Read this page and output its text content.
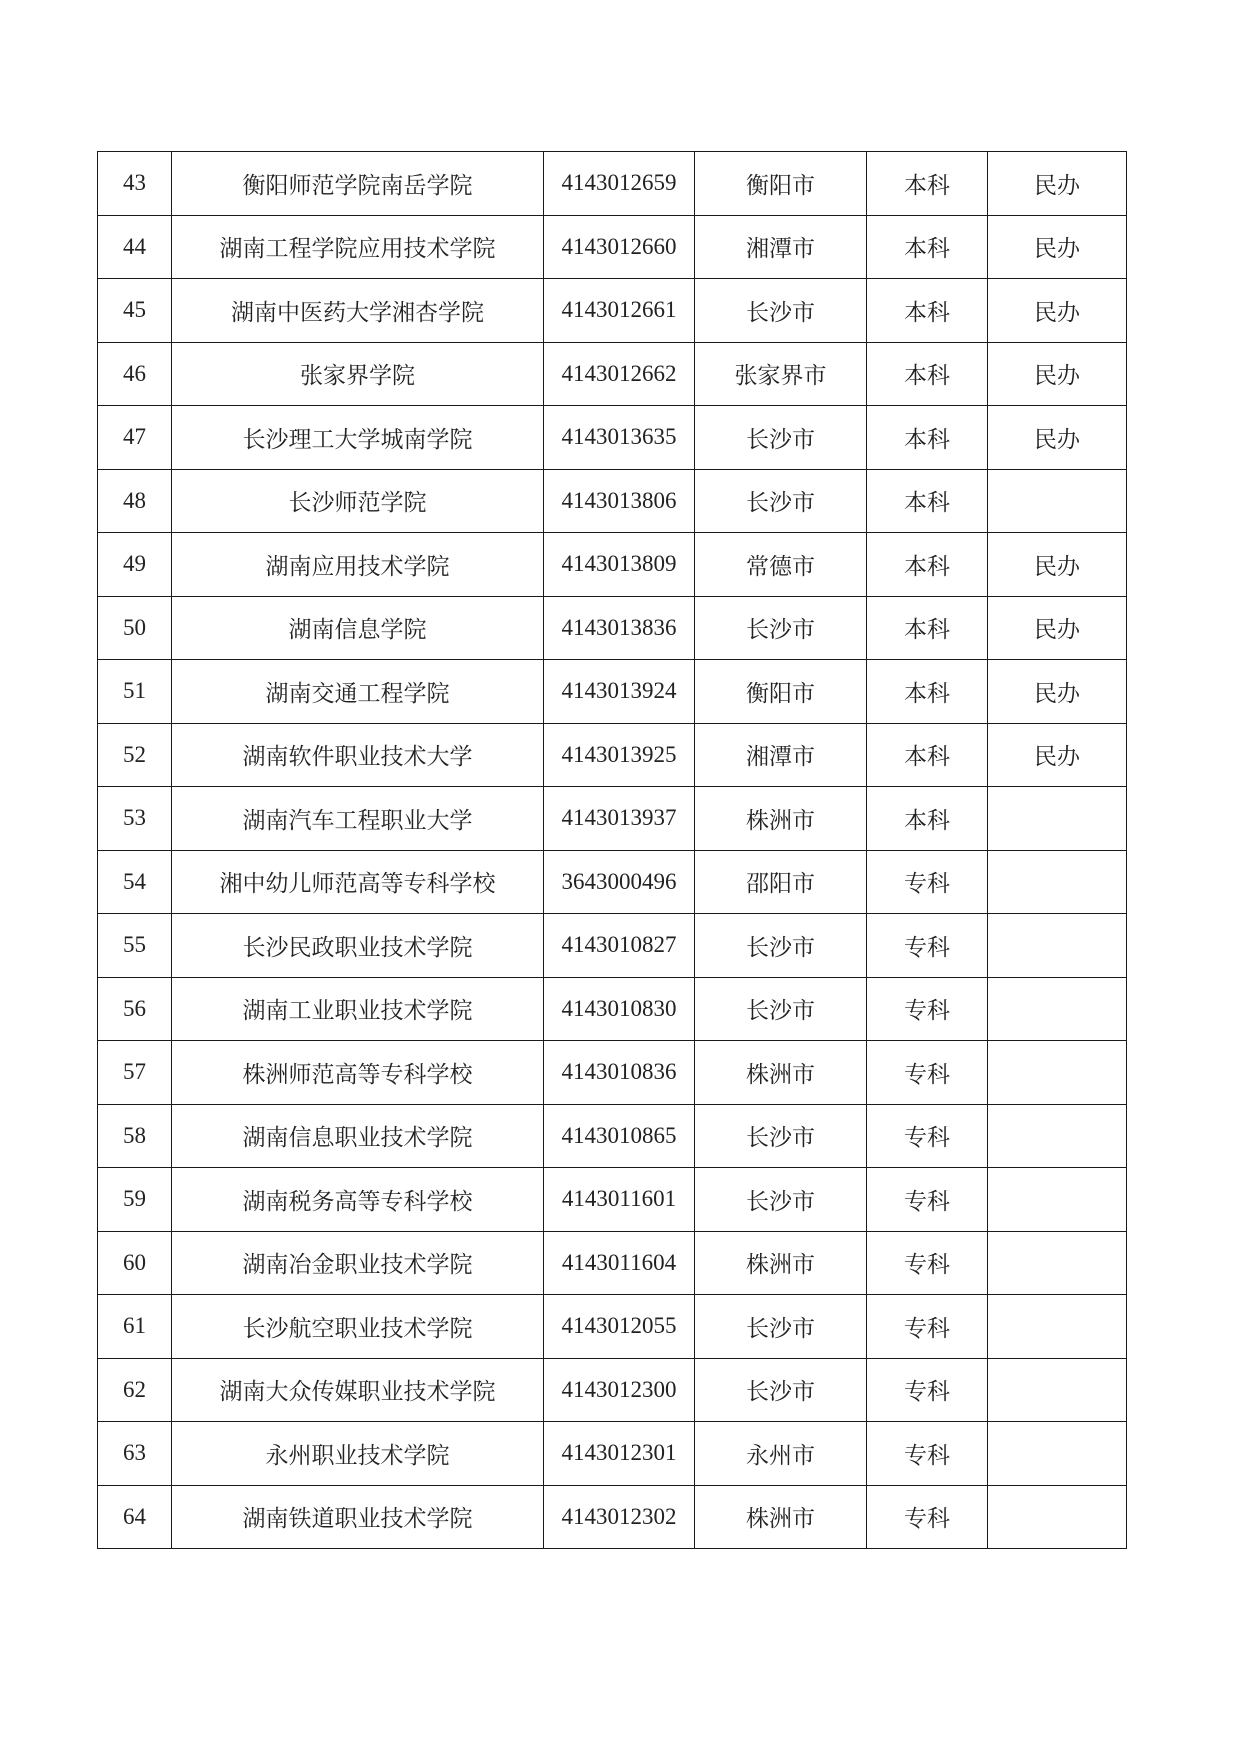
43	衡阳师范学院南岳学院	4143012659	衡阳市	本科	民办
44	湖南工程学院应用技术学院	4143012660	湘潭市	本科	民办
45	湖南中医药大学湘杏学院	4143012661	长沙市	本科	民办
46	张家界学院	4143012662	张家界市	本科	民办
47	长沙理工大学城南学院	4143013635	长沙市	本科	民办
48	长沙师范学院	4143013806	长沙市	本科	
49	湖南应用技术学院	4143013809	常德市	本科	民办
50	湖南信息学院	4143013836	长沙市	本科	民办
51	湖南交通工程学院	4143013924	衡阳市	本科	民办
52	湖南软件职业技术大学	4143013925	湘潭市	本科	民办
53	湖南汽车工程职业大学	4143013937	株洲市	本科	
54	湘中幼儿师范高等专科学校	3643000496	邵阳市	专科	
55	长沙民政职业技术学院	4143010827	长沙市	专科	
56	湖南工业职业技术学院	4143010830	长沙市	专科	
57	株洲师范高等专科学校	4143010836	株洲市	专科	
58	湖南信息职业技术学院	4143010865	长沙市	专科	
59	湖南税务高等专科学校	4143011601	长沙市	专科	
60	湖南冶金职业技术学院	4143011604	株洲市	专科	
61	长沙航空职业技术学院	4143012055	长沙市	专科	
62	湖南大众传媒职业技术学院	4143012300	长沙市	专科	
63	永州职业技术学院	4143012301	永州市	专科	
64	湖南铁道职业技术学院	4143012302	株洲市	专科	
